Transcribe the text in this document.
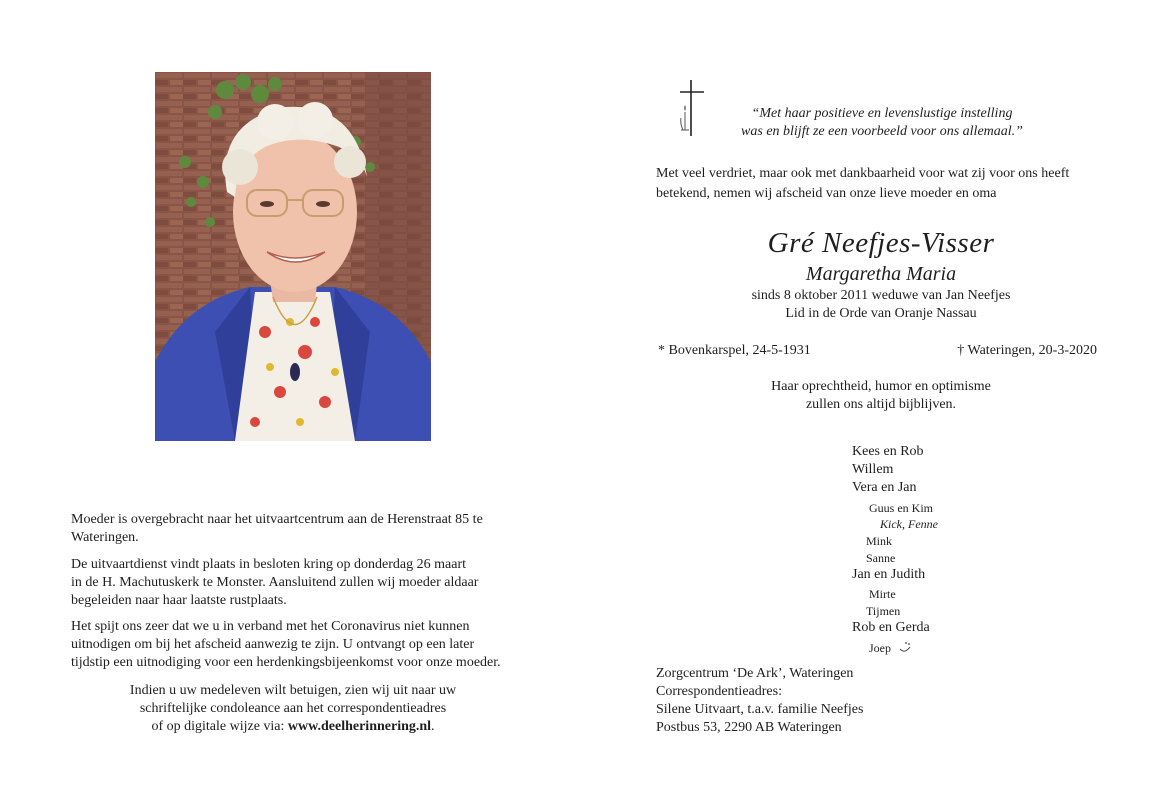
Moeder is overgebracht naar het uitvaartcentrum aan de Herenstraat 85 te
Wateringen.
De uitvaartdienst vindt plaats in besloten kring op donderdag 26 maart
in de H. Machutuskerk te Monster. Aansluitend zullen wij moeder aldaar
begeleiden naar haar laatste rustplaats.
Het spijt ons zeer dat we u in verband met het Coronavirus niet kunnen
uitnodigen om bij het afscheid aanwezig te zijn. U ontvangt op een later
tijdstip een uitnodiging voor een herdenkingsbijeenkomst voor onze moeder.
Indien u uw medeleven wilt betuigen, zien wij uit naar uw
schriftelijke condoleance aan het correspondentieadres
of op digitale wijze via: www.deelherinnering.nl.
“Met haar positieve en levenslustige instelling
was en blijft ze een voorbeeld voor ons allemaal.”
Met veel verdriet, maar ook met dankbaarheid voor wat zij voor ons heeft
betekend, nemen wij afscheid van onze lieve moeder en oma
Gré Neefjes-Visser
Margaretha Maria
sinds 8 oktober 2011 weduwe van Jan Neefjes
Lid in de Orde van Oranje Nassau
* Bovenkarspel, 24-5-1931	† Wateringen, 20-3-2020
Haar oprechtheid, humor en optimisme
zullen ons altijd bijblijven.
Kees en Rob
Willem
Vera en Jan
Guus en Kim
Kick, Fenne
Mink
Sanne
Jan en Judith
Mirte
Tijmen
Rob en Gerda
Joep
Zorgcentrum ‘De Ark’, Wateringen
Correspondentieadres:
Silene Uitvaart, t.a.v. familie Neefjes
Postbus 53, 2290 AB Wateringen
